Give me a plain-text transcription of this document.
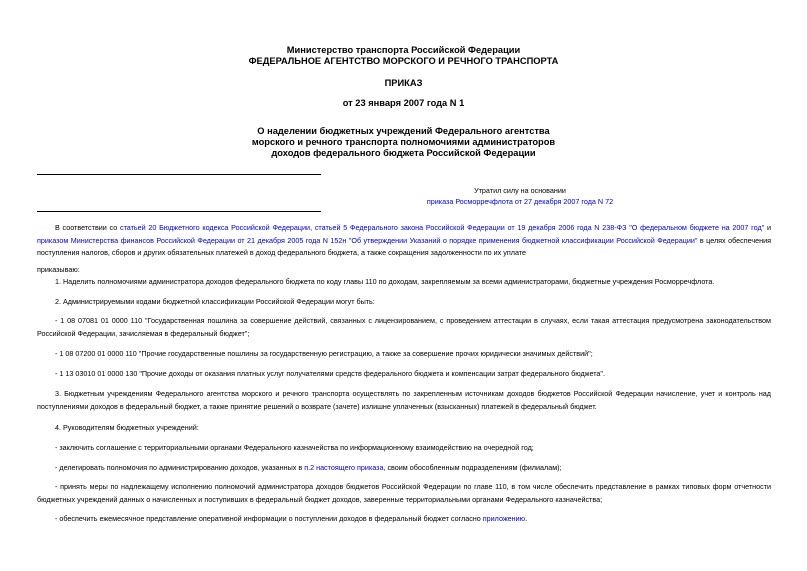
Министерство транспорта Российской Федерации
ФЕДЕРАЛЬНОЕ АГЕНТСТВО МОРСКОГО И РЕЧНОГО ТРАНСПОРТА
ПРИКАЗ
от 23 января 2007 года N 1
О наделении бюджетных учреждений Федерального агентства
морского и речного транспорта полномочиями администраторов
доходов федерального бюджета Российской Федерации
Утратил силу на основании
приказа Росморречфлота от 27 декабря 2007 года N 72
В соответствии со статьей 20 Бюджетного кодекса Российской Федерации, статьей 5 Федерального закона Российской Федерации от 19 декабря 2006 года N 238-ФЗ "О федеральном бюджете на 2007 год" и приказом Министерства финансов Российской Федерации от 21 декабря 2005 года N 152н "Об утверждении Указаний о порядке применения бюджетной классификации Российской Федерации" в целях обеспечения поступления налогов, сборов и других обязательных платежей в доход федерального бюджета, а также сокращения задолженности по их уплате
приказываю:
1. Наделить полномочиями администратора доходов федерального бюджета по коду главы 110 по доходам, закрепляемым за всеми администраторами, бюджетные учреждения Росморречфлота.
2. Администрируемыми кодами бюджетной классификации Российской Федерации могут быть:
- 1 08 07081 01 0000 110 "Государственная пошлина за совершение действий, связанных с лицензированием, с проведением аттестации в случаях, если такая аттестация предусмотрена законодательством Российской Федерации, зачисляемая в федеральный бюджет";
- 1 08 07200 01 0000 110 "Прочие государственные пошлины за государственную регистрацию, а также за совершение прочих юридически значимых действий";
- 1 13 03010 01 0000 130 "Прочие доходы от оказания платных услуг получателями средств федерального бюджета и компенсации затрат федерального бюджета".
3. Бюджетным учреждениям Федерального агентства морского и речного транспорта осуществлять по закрепленным источникам доходов бюджетов Российской Федерации начисление, учет и контроль над поступлениями доходов в федеральный бюджет, а также принятие решений о возврате (зачете) излишне уплаченных (взысканных) платежей в федеральный бюджет.
4. Руководителям бюджетных учреждений:
- заключить соглашение с территориальными органами Федерального казначейства по информационному взаимодействию на очередной год;
- делегировать полномочия по администрированию доходов, указанных в п.2 настоящего приказа, своим обособленным подразделениям (филиалам);
- принять меры по надлежащему исполнению полномочий администратора доходов бюджетов Российской Федерации по главе 110, в том числе обеспечить представление в рамках типовых форм отчетности бюджетных учреждений данных о начисленных и поступивших в федеральный бюджет доходов, заверенные территориальными органами Федерального казначейства;
- обеспечить ежемесячное представление оперативной информации о поступлении доходов в федеральный бюджет согласно приложению.
